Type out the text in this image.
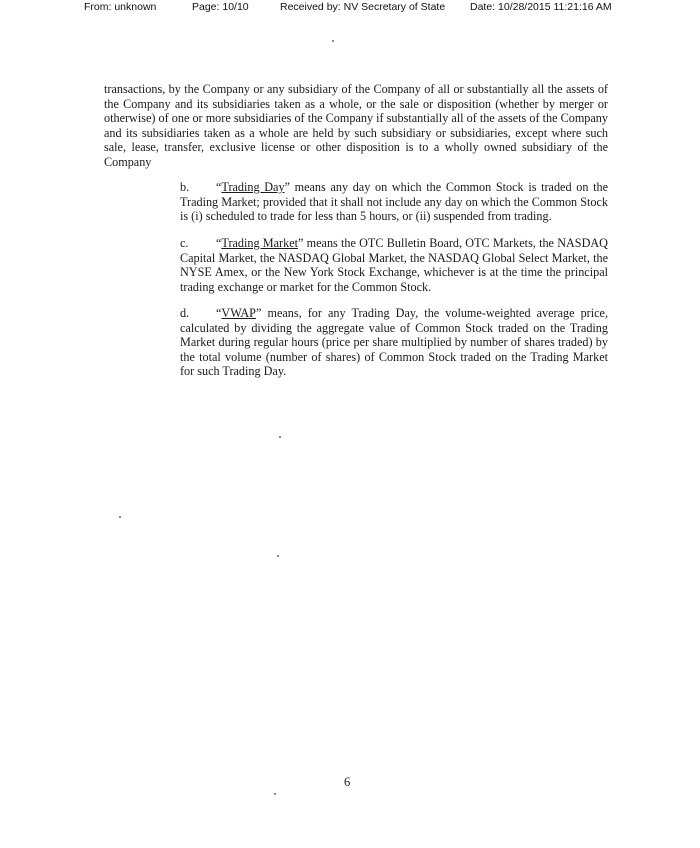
From: unknown	Page: 10/10	Received by: NV Secretary of State Date: 10/28/2015 11:21:16 AM

transactions, by the Company or any subsidiary of the Company of all or substantially all the assets of the Company and its subsidiaries taken as a whole, or the sale or disposition (whether by merger or otherwise) of one or more subsidiaries of the Company if substantially all of the assets of the Company and its subsidiaries taken as a whole are held by such subsidiary or subsidiaries, except where such sale, lease, transfer, exclusive license or other disposition is to a wholly owned subsidiary of the Company

b. “Trading Day” means any day on which the Common Stock is traded on the Trading Market; provided that it shall not include any day on which the Common Stock is (i) scheduled to trade for less than 5 hours, or (ii) suspended from trading.

c. “Trading Market” means the OTC Bulletin Board, OTC Markets, the NASDAQ Capital Market, the NASDAQ Global Market, the NASDAQ Global Select Market, the NYSE Amex, or the New York Stock Exchange, whichever is at the time the principal trading exchange or market for the Common Stock.

d. “VWAP” means, for any Trading Day, the volume-weighted average price, calculated by dividing the aggregate value of Common Stock traded on the Trading Market during regular hours (price per share multiplied by number of shares traded) by the total volume (number of shares) of Common Stock traded on the Trading Market for such Trading Day.

6
